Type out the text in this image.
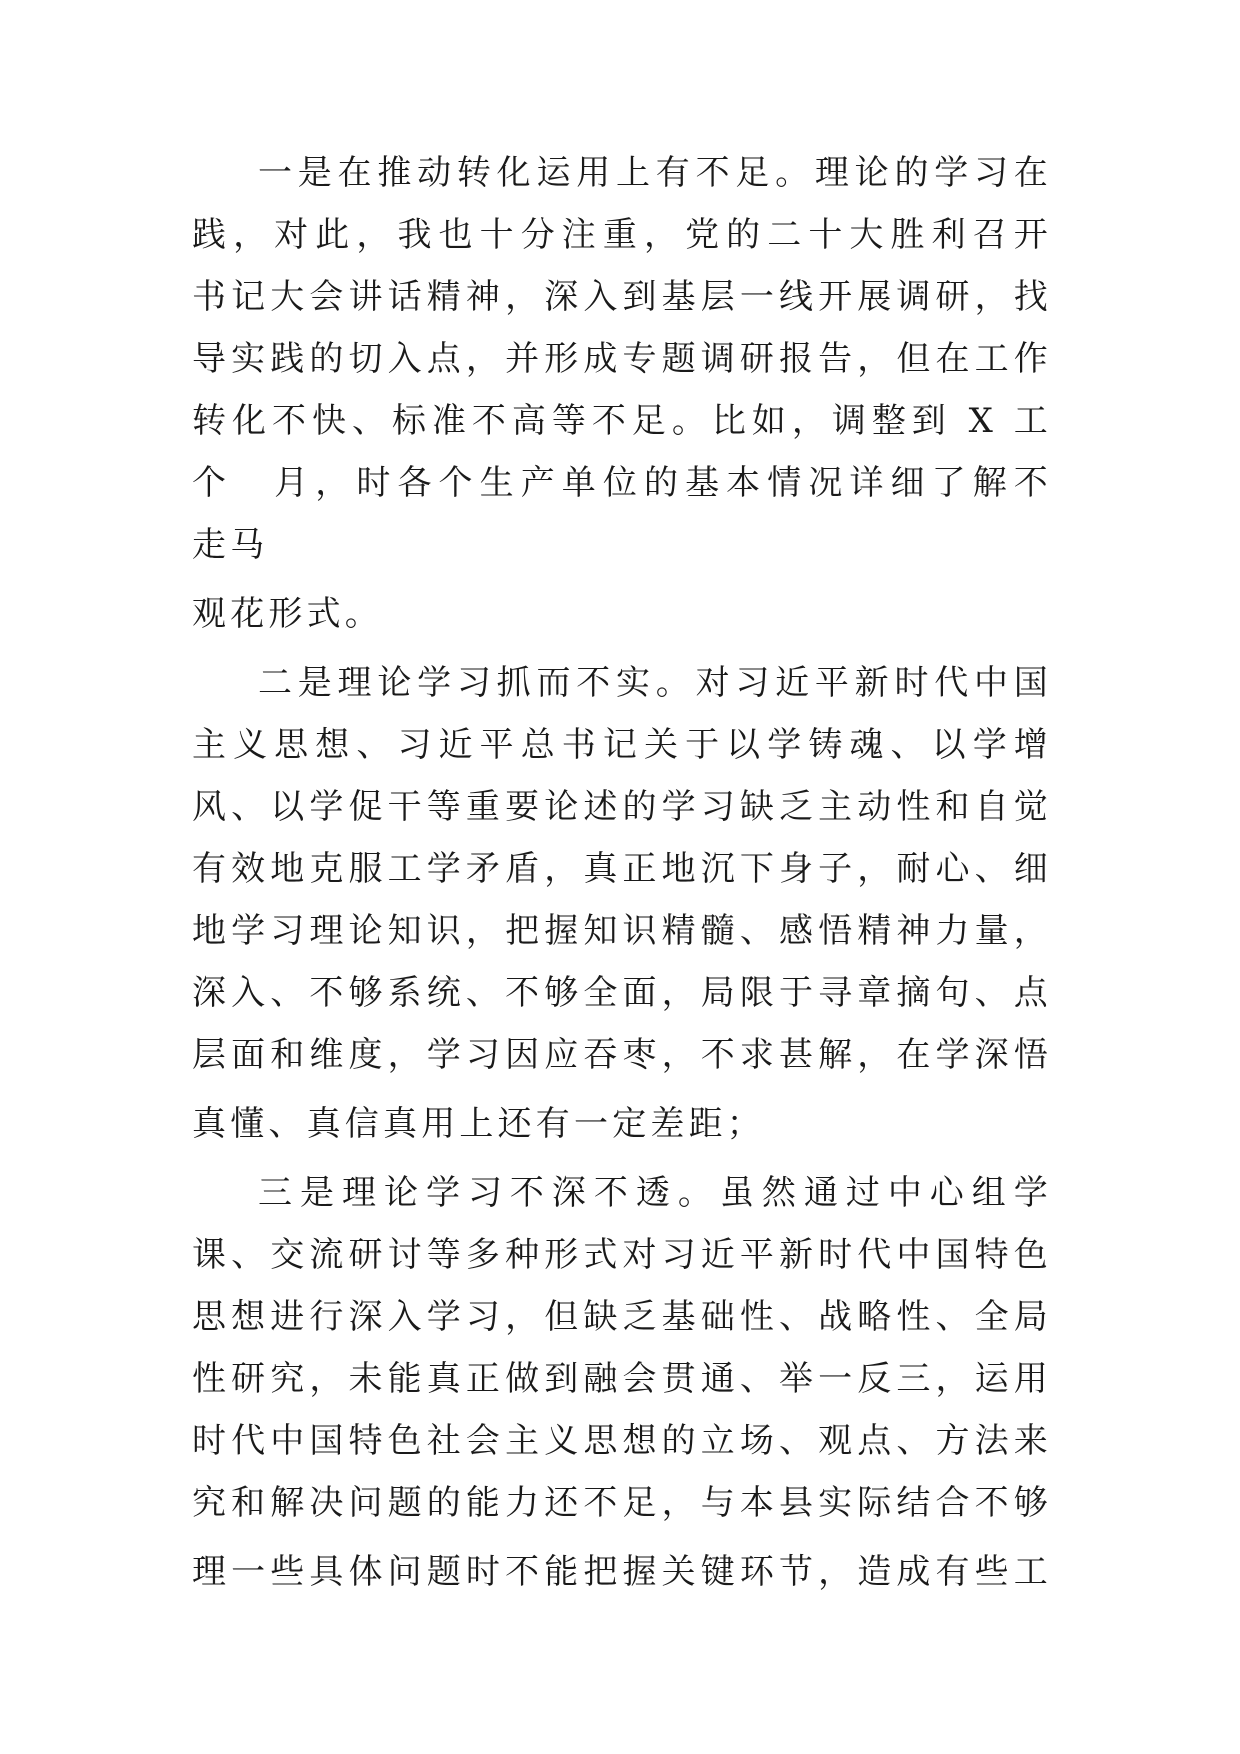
一是在推动转化运用上有不足。理论的学习在
践，对此，我也十分注重，党的二十大胜利召开
书记大会讲话精神，深入到基层一线开展调研，找
导实践的切入点，并形成专题调研报告，但在工作
转化不快、标准不高等不足。比如，调整到 X 工
个　月，时各个生产单位的基本情况详细了解不
走马
观花形式。
二是理论学习抓而不实。对习近平新时代中国
主义思想、习近平总书记关于以学铸魂、以学增
风、以学促干等重要论述的学习缺乏主动性和自觉
有效地克服工学矛盾，真正地沉下身子，耐心、细
地学习理论知识，把握知识精髓、感悟精神力量，
深入、不够系统、不够全面，局限于寻章摘句、点
层面和维度，学习因应吞枣，不求甚解，在学深悟
真懂、真信真用上还有一定差距；
三是理论学习不深不透。虽然通过中心组学
课、交流研讨等多种形式对习近平新时代中国特色
思想进行深入学习，但缺乏基础性、战略性、全局
性研究，未能真正做到融会贯通、举一反三，运用
时代中国特色社会主义思想的立场、观点、方法来
究和解决问题的能力还不足，与本县实际结合不够
理一些具体问题时不能把握关键环节，造成有些工
